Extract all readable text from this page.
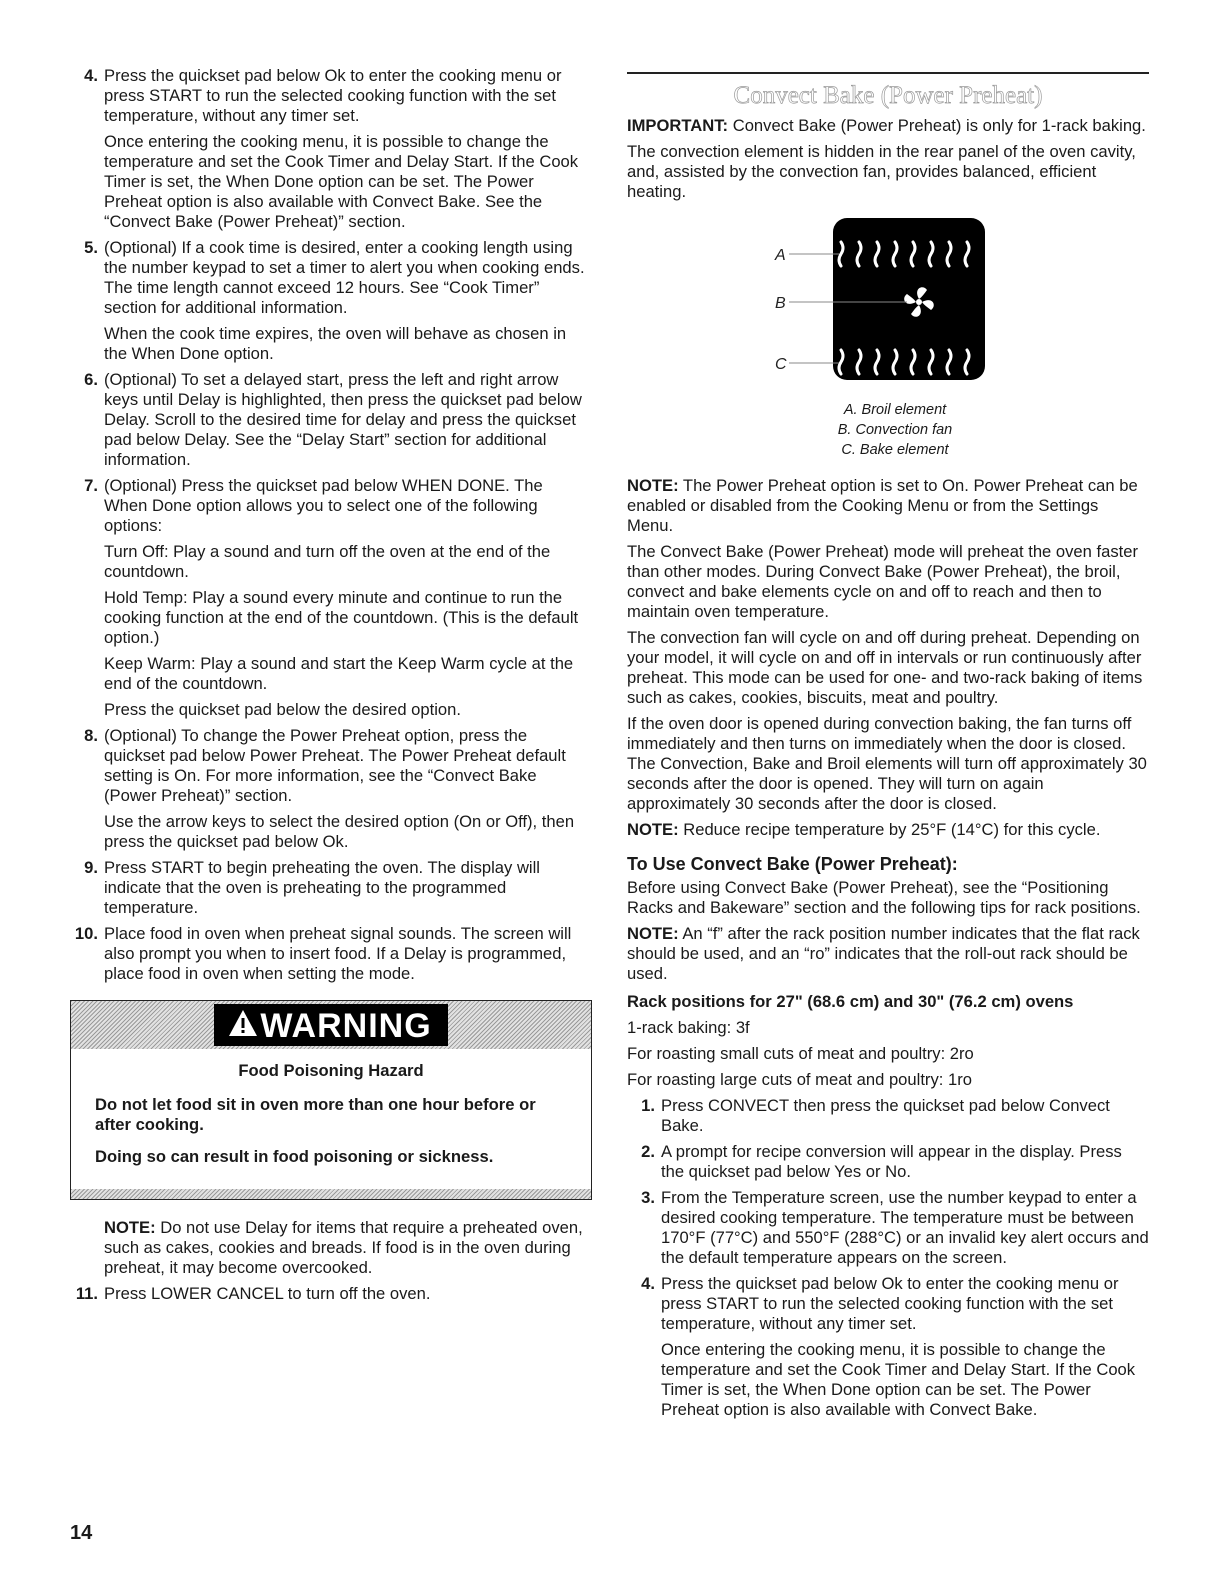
4. Press the quickset pad below Ok to enter the cooking menu or press START to run the selected cooking function with the set temperature, without any timer set.

Once entering the cooking menu, it is possible to change the temperature and set the Cook Timer and Delay Start. If the Cook Timer is set, the When Done option can be set. The Power Preheat option is also available with Convect Bake. See the “Convect Bake (Power Preheat)” section.

5. (Optional) If a cook time is desired, enter a cooking length using the number keypad to set a timer to alert you when cooking ends. The time length cannot exceed 12 hours. See “Cook Timer” section for additional information.

When the cook time expires, the oven will behave as chosen in the When Done option.

6. (Optional) To set a delayed start, press the left and right arrow keys until Delay is highlighted, then press the quickset pad below Delay. Scroll to the desired time for delay and press the quickset pad below Delay. See the “Delay Start” section for additional information.

7. (Optional) Press the quickset pad below WHEN DONE. The When Done option allows you to select one of the following options:

Turn Off: Play a sound and turn off the oven at the end of the countdown.

Hold Temp: Play a sound every minute and continue to run the cooking function at the end of the countdown. (This is the default option.)

Keep Warm: Play a sound and start the Keep Warm cycle at the end of the countdown.

Press the quickset pad below the desired option.

8. (Optional) To change the Power Preheat option, press the quickset pad below Power Preheat. The Power Preheat default setting is On. For more information, see the “Convect Bake (Power Preheat)” section.

Use the arrow keys to select the desired option (On or Off), then press the quickset pad below Ok.

9. Press START to begin preheating the oven. The display will indicate that the oven is preheating to the programmed temperature.

10. Place food in oven when preheat signal sounds. The screen will also prompt you when to insert food. If a Delay is programmed, place food in oven when setting the mode.

WARNING
Food Poisoning Hazard

Do not let food sit in oven more than one hour before or after cooking.

Doing so can result in food poisoning or sickness.

NOTE: Do not use Delay for items that require a preheated oven, such as cakes, cookies and breads. If food is in the oven during preheat, it may become overcooked.

11. Press LOWER CANCEL to turn off the oven.

Convect Bake (Power Preheat)

IMPORTANT: Convect Bake (Power Preheat) is only for 1-rack baking.

The convection element is hidden in the rear panel of the oven cavity, and, assisted by the convection fan, provides balanced, efficient heating.

A
B
C
A. Broil element
B. Convection fan
C. Bake element

NOTE: The Power Preheat option is set to On. Power Preheat can be enabled or disabled from the Cooking Menu or from the Settings Menu.

The Convect Bake (Power Preheat) mode will preheat the oven faster than other modes. During Convect Bake (Power Preheat), the broil, convect and bake elements cycle on and off to reach and then to maintain oven temperature.

The convection fan will cycle on and off during preheat. Depending on your model, it will cycle on and off in intervals or run continuously after preheat. This mode can be used for one- and two-rack baking of items such as cakes, cookies, biscuits, meat and poultry.

If the oven door is opened during convection baking, the fan turns off immediately and then turns on immediately when the door is closed. The Convection, Bake and Broil elements will turn off approximately 30 seconds after the door is opened. They will turn on again approximately 30 seconds after the door is closed.

NOTE: Reduce recipe temperature by 25°F (14°C) for this cycle.

To Use Convect Bake (Power Preheat):

Before using Convect Bake (Power Preheat), see the “Positioning Racks and Bakeware” section and the following tips for rack positions.

NOTE: An “f” after the rack position number indicates that the flat rack should be used, and an “ro” indicates that the roll-out rack should be used.

Rack positions for 27" (68.6 cm) and 30" (76.2 cm) ovens

1-rack baking: 3f

For roasting small cuts of meat and poultry: 2ro

For roasting large cuts of meat and poultry: 1ro

1. Press CONVECT then press the quickset pad below Convect Bake.

2. A prompt for recipe conversion will appear in the display. Press the quickset pad below Yes or No.

3. From the Temperature screen, use the number keypad to enter a desired cooking temperature. The temperature must be between 170°F (77°C) and 550°F (288°C) or an invalid key alert occurs and the default temperature appears on the screen.

4. Press the quickset pad below Ok to enter the cooking menu or press START to run the selected cooking function with the set temperature, without any timer set.

Once entering the cooking menu, it is possible to change the temperature and set the Cook Timer and Delay Start. If the Cook Timer is set, the When Done option can be set. The Power Preheat option is also available with Convect Bake.

14
